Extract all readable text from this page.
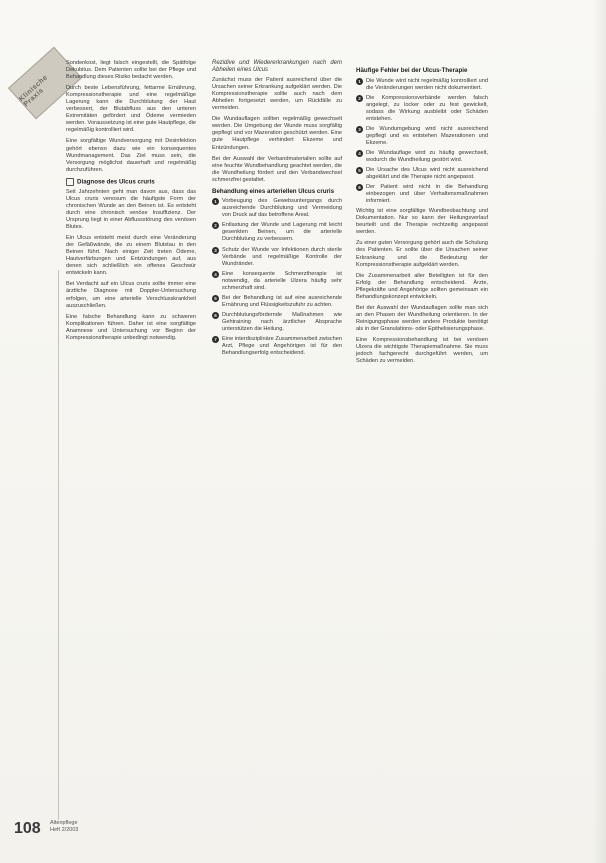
Klinische Praxis

Sondenkost, liegt falsch eingestellt, die Spätfolge Dekubitus. Dem Patienten sollte bei der Pflege und Behandlung dieses Risiko bedacht werden.

Durch beste Lebensführung, fettarme Ernährung, Kompressionstherapie und eine regelmäßige Lagerung kann die Durchblutung der Haut verbessert, der Blutabfluss aus den unteren Extremitäten gefördert und Ödeme vermieden werden. Voraussetzung ist eine gute Hautpflege, die regelmäßig kontrolliert wird.

Eine sorgfältige Wundversorgung mit Desinfektion gehört ebenso dazu wie ein konsequentes Wundmanagement. Das Ziel muss sein, die Versorgung möglichst dauerhaft und regelmäßig durchzuführen.

Diagnose des Ulcus cruris

Seit Jahrzehnten geht man davon aus, dass das Ulcus cruris venosum die häufigste Form der chronischen Wunde an den Beinen ist. Es entsteht durch eine chronisch venöse Insuffizienz. Der Ursprung liegt in einer Abflussstörung des venösen Blutes.

Ein Ulcus entsteht meist durch eine Veränderung der Gefäßwände, die zu einem Blutstau in den Beinen führt. Nach einiger Zeit treten Ödeme, Hautverfärbungen und Entzündungen auf, aus denen sich schließlich ein offenes Geschwür entwickeln kann.

Bei Verdacht auf ein Ulcus cruris sollte immer eine ärztliche Diagnose mit Doppler-Untersuchung erfolgen, um eine arterielle Verschlusskrankheit auszuschließen.

Eine falsche Behandlung kann zu schweren Komplikationen führen. Daher ist eine sorgfältige Anamnese und Untersuchung vor Beginn der Kompressionstherapie unbedingt notwendig.

Rezidive und Wiedererkrankungen nach dem Abheilen eines Ulcus

Zunächst muss der Patient ausreichend über die Ursachen seiner Erkrankung aufgeklärt werden. Die Kompressionstherapie sollte auch nach dem Abheilen fortgesetzt werden, um Rückfälle zu vermeiden.

Die Wundauflagen sollten regelmäßig gewechselt werden. Die Umgebung der Wunde muss sorgfältig gepflegt und vor Mazeration geschützt werden. Eine gute Hautpflege verhindert Ekzeme und Entzündungen.

Bei der Auswahl der Verbandmaterialien sollte auf eine feuchte Wundbehandlung geachtet werden, die die Wundheilung fördert und den Verbandwechsel schmerzfrei gestaltet.

Behandlung eines arteriellen Ulcus cruris
1 Vorbeugung des Gewebsuntergangs durch ausreichende Durchblutung und Vermeidung von Druck auf das betroffene Areal.
2 Entlastung der Wunde und Lagerung mit leicht gesenkten Beinen, um die arterielle Durchblutung zu verbessern.
3 Schutz der Wunde vor Infektionen durch sterile Verbände und regelmäßige Kontrolle der Wundränder.
4 Eine konsequente Schmerztherapie ist notwendig, da arterielle Ulzera häufig sehr schmerzhaft sind.
5 Bei der Behandlung ist auf eine ausreichende Ernährung und Flüssigkeitszufuhr zu achten.
6 Durchblutungsfördernde Maßnahmen wie Gehtraining nach ärztlicher Absprache unterstützen die Heilung.
7 Eine interdisziplinäre Zusammenarbeit zwischen Arzt, Pflege und Angehörigen ist für den Behandlungserfolg entscheidend.
Häufige Fehler bei der Ulcus-Therapie
1 Die Wunde wird nicht regelmäßig kontrolliert und die Veränderungen werden nicht dokumentiert.
2 Die Kompressionsverbände werden falsch angelegt, zu locker oder zu fest gewickelt, sodass die Wirkung ausbleibt oder Schäden entstehen.
3 Die Wundumgebung wird nicht ausreichend gepflegt und es entstehen Mazerationen und Ekzeme.
4 Die Wundauflage wird zu häufig gewechselt, wodurch die Wundheilung gestört wird.
5 Die Ursache des Ulcus wird nicht ausreichend abgeklärt und die Therapie nicht angepasst.
6 Der Patient wird nicht in die Behandlung einbezogen und über Verhaltensmaßnahmen informiert.

Wichtig ist eine sorgfältige Wundbeobachtung und Dokumentation. Nur so kann der Heilungsverlauf beurteilt und die Therapie rechtzeitig angepasst werden.

Zu einer guten Versorgung gehört auch die Schulung des Patienten. Er sollte über die Ursachen seiner Erkrankung und die Bedeutung der Kompressionstherapie aufgeklärt werden.

Die Zusammenarbeit aller Beteiligten ist für den Erfolg der Behandlung entscheidend. Ärzte, Pflegekräfte und Angehörige sollten gemeinsam ein Behandlungskonzept entwickeln.

Bei der Auswahl der Wundauflagen sollte man sich an den Phasen der Wundheilung orientieren. In der Reinigungsphase werden andere Produkte benötigt als in der Granulations- oder Epithelisierungsphase.

Eine Kompressionsbehandlung ist bei venösen Ulzera die wichtigste Therapiemaßnahme. Sie muss jedoch fachgerecht durchgeführt werden, um Schäden zu vermeiden.

108 Altenpflege
Heft 2/2003
